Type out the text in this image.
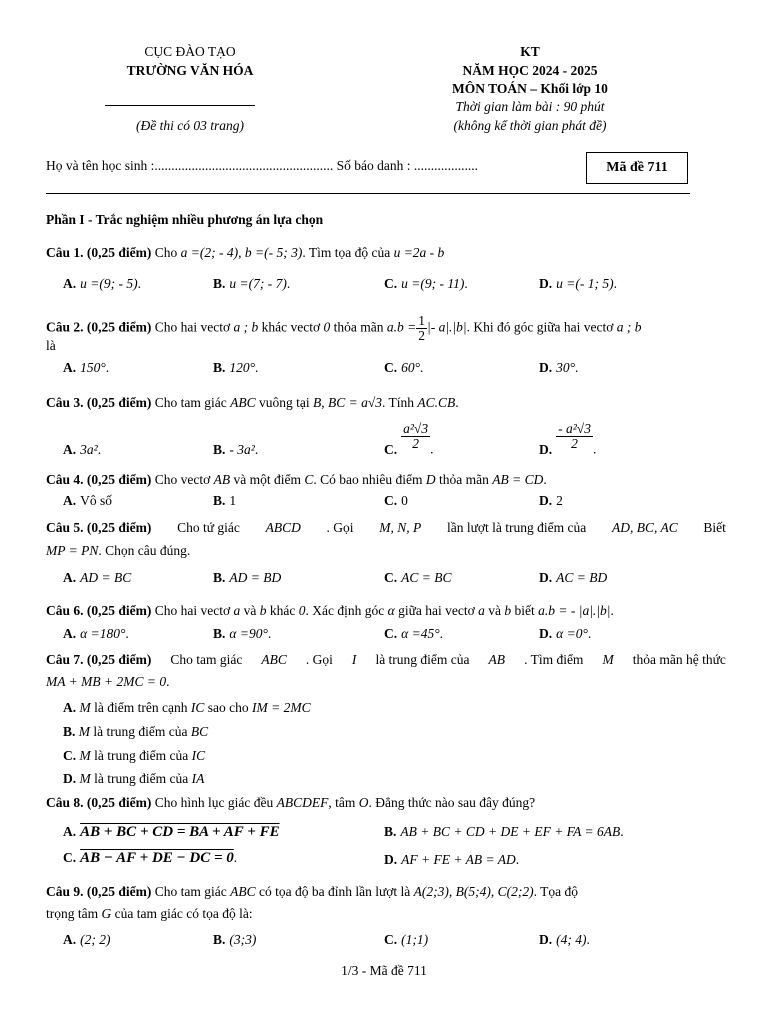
CỤC ĐÀO TẠO
TRƯỜNG VĂN HÓA
(Đề thi có 03 trang)
KT
NĂM HỌC 2024 - 2025
MÔN TOÁN – Khối lớp 10
Thời gian làm bài : 90 phút
(không kể thời gian phát đề)
Họ và tên học sinh :..................................................... Số báo danh : ...................	Mã đề 711
Phần I - Trắc nghiệm nhiều phương án lựa chọn
Câu 1. (0,25 điểm) Cho a =(2; - 4), b =(- 5; 3). Tìm tọa độ của u =2a - b
A. u =(9; - 5).	B. u =(7; - 7).	C. u =(9; - 11).	D. u =(- 1; 5).
Câu 2. (0,25 điểm) Cho hai vectơ a ; b khác vectơ 0 thỏa mãn $a.b = \frac{1}{2}$ |- a|.|b|. Khi đó góc giữa hai vectơ a ; b
là
A. 150°.	B. 120°.	C. 60°.	D. 30°.
Câu 3. (0,25 điểm) Cho tam giác ABC vuông tại B, BC = a√3. Tính AC.CB.
A. 3a².	B. - 3a².	C. $\frac{\text{a²√3}}{2}$ .	D. $\frac{\text{- a²√3}}{2}$ .
Câu 4. (0,25 điểm) Cho vectơ AB và một điểm C. Có bao nhiêu điểm D thỏa mãn AB = CD.
A. Vô số	B. 1	C. 0	D. 2
Câu 5. (0,25 điểm) Cho tứ giác ABCD . Gọi M, N, P lần lượt là trung điểm của AD, BC, AC Biết
MP = PN. Chọn câu đúng.
A. AD = BC	B. AD = BD	C. AC = BC	D. AC = BD
Câu 6. (0,25 điểm) Cho hai vectơ a và b khác 0. Xác định góc α giữa hai vectơ a và b biết a.b = - |a|.|b|.
A. α =180°.	B. α =90°.	C. α =45°.	D. α =0°.
Câu 7. (0,25 điểm) Cho tam giác ABC . Gọi I là trung điểm của AB . Tìm điểm M thỏa mãn hệ thức
MA + MB + 2MC = 0.
A. M là điểm trên cạnh IC sao cho IM = 2MC
B. M là trung điểm của BC
C. M là trung điểm của IC
D. M là trung điểm của IA
Câu 8. (0,25 điểm) Cho hình lục giác đều ABCDEF, tâm O. Đẳng thức nào sau đây đúng?
A. AB + BC + CD = BA + AF + FE	B. AB + BC + CD + DE + EF + FA = 6AB.
C. AB − AF + DE − DC = 0.	D. AF + FE + AB = AD.
Câu 9. (0,25 điểm) Cho tam giác ABC có tọa độ ba đỉnh lần lượt là A(2;3), B(5;4), C(2;2). Tọa độ
trọng tâm G của tam giác có tọa độ là:
A. (2; 2)	B. (3;3)	C. (1;1)	D. (4; 4).
1/3 - Mã đề 711
